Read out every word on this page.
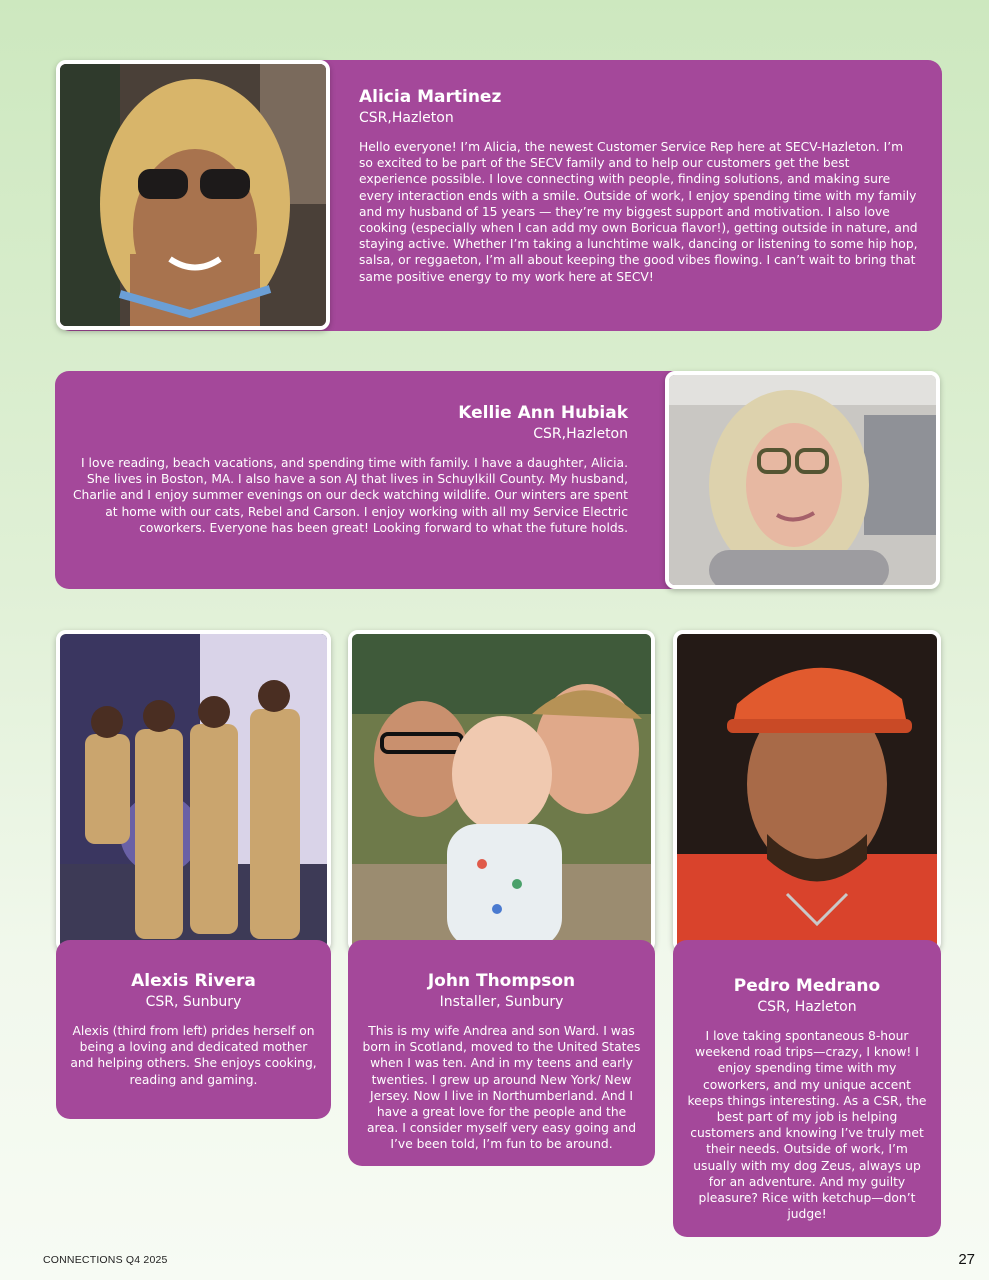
Alicia Martinez
CSR,Hazleton
Hello everyone! I’m Alicia, the newest Customer Service Rep here at SECV-Hazleton. I’m so excited to be part of the SECV family and to help our customers get the best experience possible. I love connecting with people, finding solutions, and making sure every interaction ends with a smile. Outside of work, I enjoy spending time with my family and my husband of 15 years — they’re my biggest support and motivation. I also love cooking (especially when I can add my own Boricua flavor!), getting outside in nature, and staying active. Whether I’m taking a lunchtime walk, dancing or listening to some hip hop, salsa, or reggaeton, I’m all about keeping the good vibes flowing. I can’t wait to bring that same positive energy to my work here at SECV!
Kellie Ann Hubiak
CSR,Hazleton
I love reading, beach vacations, and spending time with family. I have a daughter, Alicia. She lives in Boston, MA. I also have a son AJ that lives in Schuylkill County. My husband, Charlie and I enjoy summer evenings on our deck watching wildlife. Our winters are spent at home with our cats, Rebel and Carson. I enjoy working with all my Service Electric coworkers. Everyone has been great! Looking forward to what the future holds.
Alexis Rivera
CSR, Sunbury
Alexis (third from left) prides herself on being a loving and dedicated mother and helping others. She enjoys cooking, reading and gaming.
John Thompson
Installer, Sunbury
This is my wife Andrea and son Ward. I was born in Scotland, moved to the United States when I was ten. And in my teens and early twenties. I grew up around New York/ New Jersey. Now I live in Northumberland. And I have a great love for the people and the area. I consider myself very easy going and I’ve been told, I’m fun to be around.
Pedro Medrano
CSR, Hazleton
I love taking spontaneous 8-hour weekend road trips—crazy, I know! I enjoy spending time with my coworkers, and my unique accent keeps things interesting. As a CSR, the best part of my job is helping customers and knowing I’ve truly met their needs. Outside of work, I’m usually with my dog Zeus, always up for an adventure. And my guilty pleasure? Rice with ketchup—don’t judge!
CONNECTIONS Q4 2025	27
